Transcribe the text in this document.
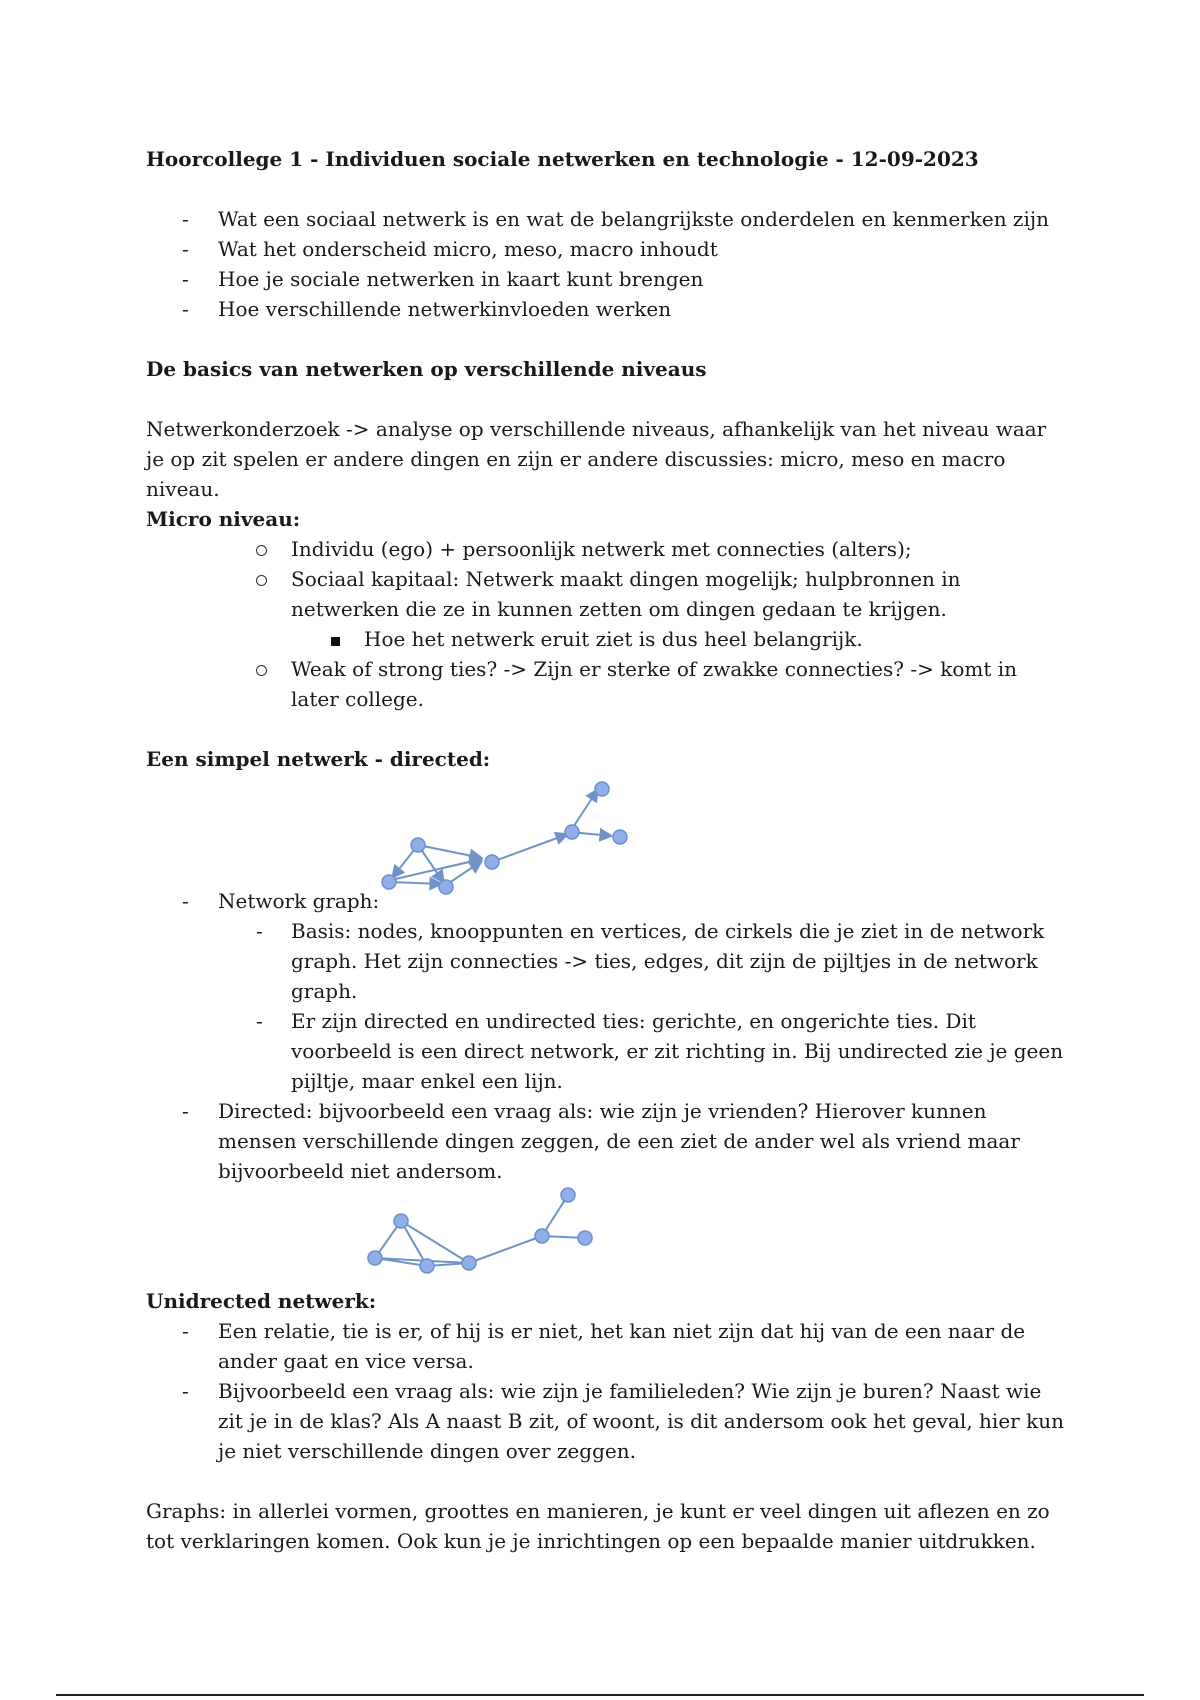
Hoorcollege 1 - Individuen sociale netwerken en technologie - 12-09-2023

- Wat een sociaal netwerk is en wat de belangrijkste onderdelen en kenmerken zijn
- Wat het onderscheid micro, meso, macro inhoudt
- Hoe je sociale netwerken in kaart kunt brengen
- Hoe verschillende netwerkinvloeden werken

De basics van netwerken op verschillende niveaus

Netwerkonderzoek -> analyse op verschillende niveaus, afhankelijk van het niveau waar je op zit spelen er andere dingen en zijn er andere discussies: micro, meso en macro niveau.

Micro niveau:

Individu (ego) + persoonlijk netwerk met connecties (alters);
Sociaal kapitaal: Netwerk maakt dingen mogelijk; hulpbronnen in netwerken die ze in kunnen zetten om dingen gedaan te krijgen.
Hoe het netwerk eruit ziet is dus heel belangrijk.
Weak of strong ties? -> Zijn er sterke of zwakke connecties? -> komt in later college.

Een simpel netwerk - directed:

- Network graph:
- Basis: nodes, knooppunten en vertices, de cirkels die je ziet in de network graph. Het zijn connecties -> ties, edges, dit zijn de pijltjes in de network graph.
- Er zijn directed en undirected ties: gerichte, en ongerichte ties. Dit voorbeeld is een direct network, er zit richting in. Bij undirected zie je geen pijltje, maar enkel een lijn.
- Directed: bijvoorbeeld een vraag als: wie zijn je vrienden? Hierover kunnen mensen verschillende dingen zeggen, de een ziet de ander wel als vriend maar bijvoorbeeld niet andersom.

Unidrected netwerk:

- Een relatie, tie is er, of hij is er niet, het kan niet zijn dat hij van de een naar de ander gaat en vice versa.
- Bijvoorbeeld een vraag als: wie zijn je familieleden? Wie zijn je buren? Naast wie zit je in de klas? Als A naast B zit, of woont, is dit andersom ook het geval, hier kun je niet verschillende dingen over zeggen.

Graphs: in allerlei vormen, groottes en manieren, je kunt er veel dingen uit aflezen en zo tot verklaringen komen. Ook kun je je inrichtingen op een bepaalde manier uitdrukken.
